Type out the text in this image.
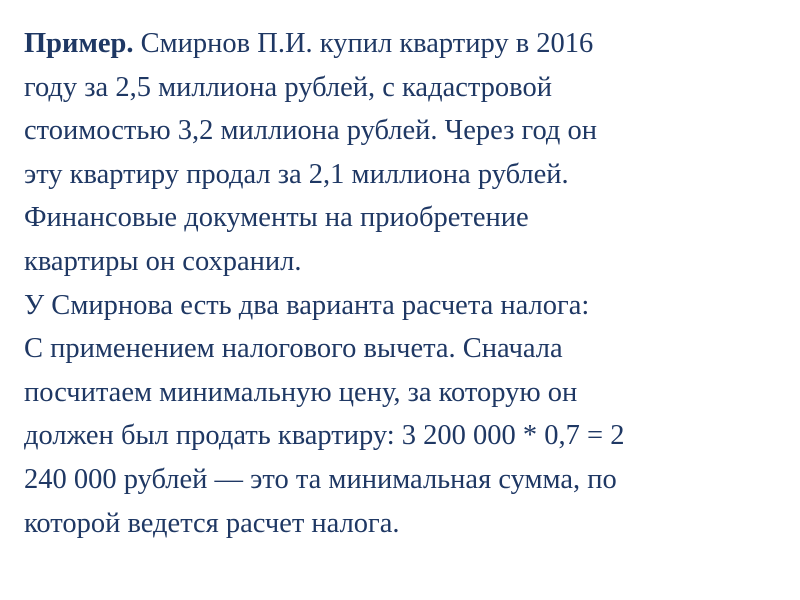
Пример. Смирнов П.И. купил квартиру в 2016
году за 2,5 миллиона рублей, с кадастровой
стоимостью 3,2 миллиона рублей. Через год он
эту квартиру продал за 2,1 миллиона рублей.
Финансовые документы на приобретение
квартиры он сохранил.
У Смирнова есть два варианта расчета налога:
С применением налогового вычета. Сначала
посчитаем минимальную цену, за которую он
должен был продать квартиру: 3 200 000 * 0,7 = 2
240 000 рублей — это та минимальная сумма, по
которой ведется расчет налога.
